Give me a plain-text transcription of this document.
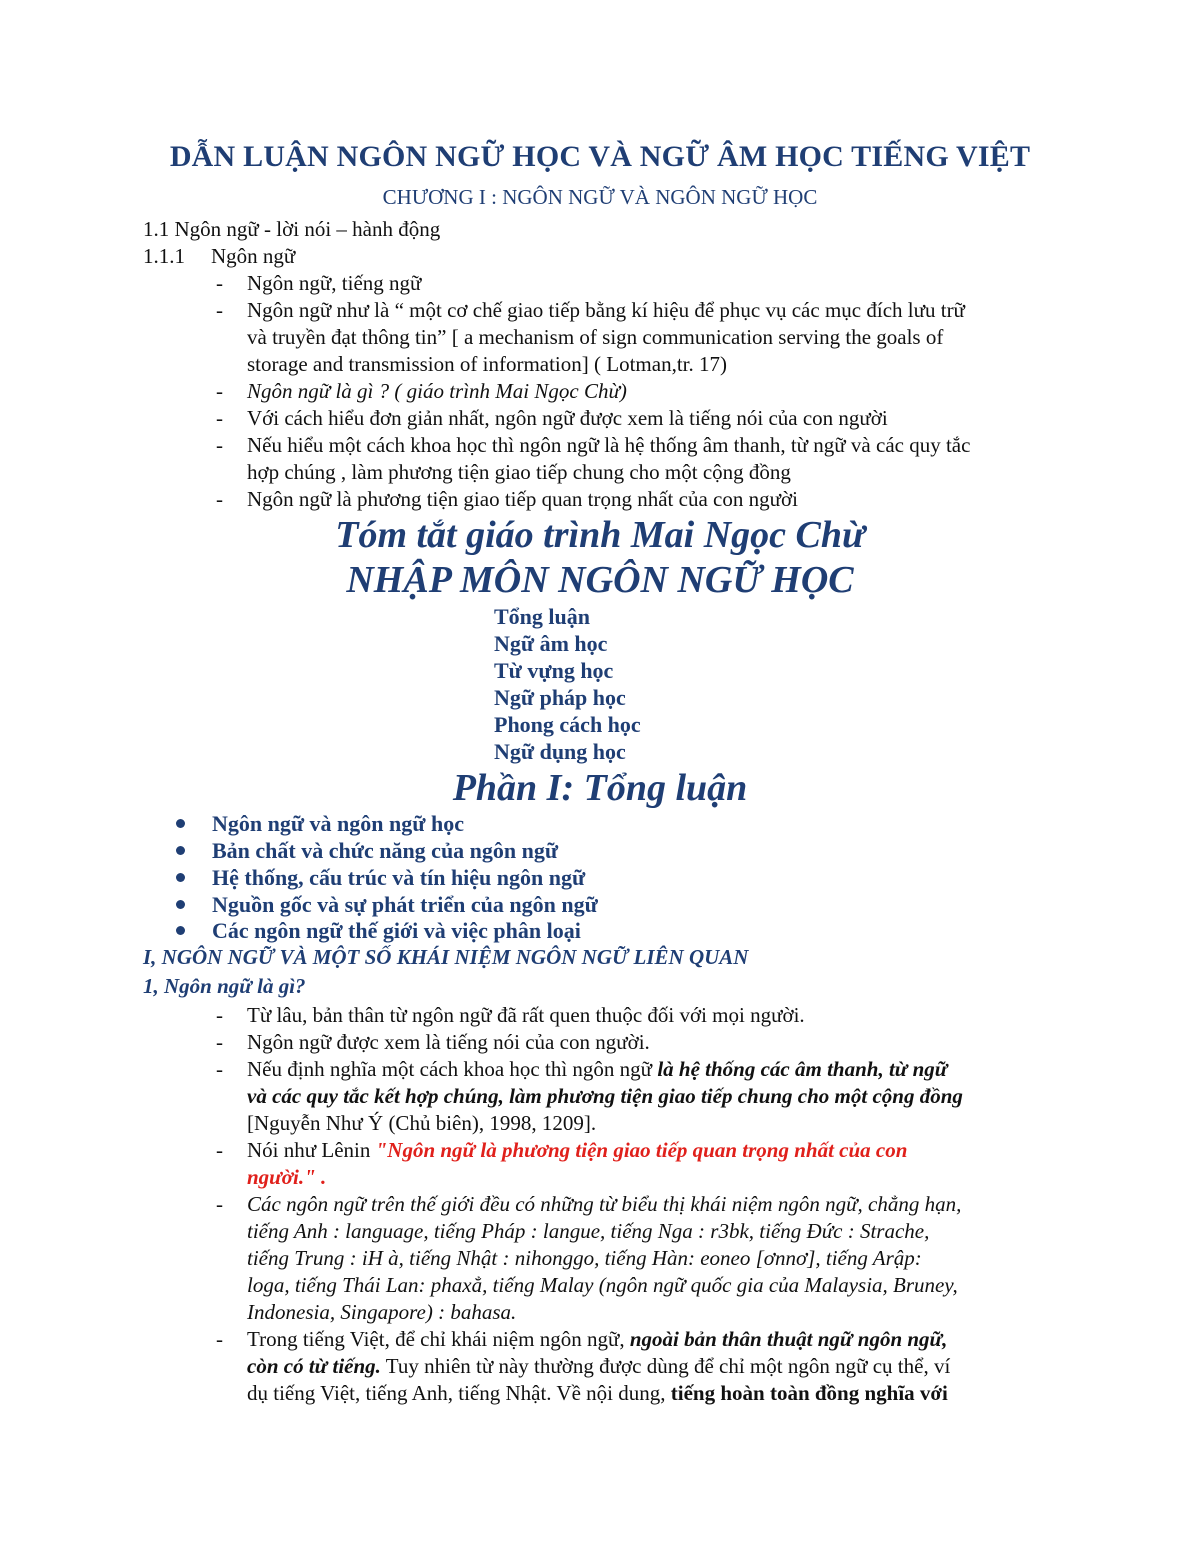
DẪN LUẬN NGÔN NGỮ HỌC VÀ NGỮ ÂM HỌC TIẾNG VIỆT
CHƯƠNG I : NGÔN NGỮ VÀ NGÔN NGỮ HỌC
1.1 Ngôn ngữ - lời nói – hành động
1.1.1 Ngôn ngữ
- Ngôn ngữ, tiếng ngữ
- Ngôn ngữ như là “ một cơ chế giao tiếp bằng kí hiệu để phục vụ các mục đích lưu trữ
và truyền đạt thông tin” [ a mechanism of sign communication serving the goals of
storage and transmission of information] ( Lotman,tr. 17)
- Ngôn ngữ là gì ? ( giáo trình Mai Ngọc Chừ)
- Với cách hiểu đơn giản nhất, ngôn ngữ được xem là tiếng nói của con người
- Nếu hiểu một cách khoa học thì ngôn ngữ là hệ thống âm thanh, từ ngữ và các quy tắc
hợp chúng , làm phương tiện giao tiếp chung cho một cộng đồng
- Ngôn ngữ là phương tiện giao tiếp quan trọng nhất của con người
Tóm tắt giáo trình Mai Ngọc Chừ
NHẬP MÔN NGÔN NGỮ HỌC
Tổng luận
Ngữ âm học
Từ vựng học
Ngữ pháp học
Phong cách học
Ngữ dụng học
Phần I: Tổng luận
Ngôn ngữ và ngôn ngữ học
Bản chất và chức năng của ngôn ngữ
Hệ thống, cấu trúc và tín hiệu ngôn ngữ
Nguồn gốc và sự phát triển của ngôn ngữ
Các ngôn ngữ thế giới và việc phân loại
I, NGÔN NGỮ VÀ MỘT SỐ KHÁI NIỆM NGÔN NGỮ LIÊN QUAN
1, Ngôn ngữ là gì?
- Từ lâu, bản thân từ ngôn ngữ đã rất quen thuộc đối với mọi người.
- Ngôn ngữ được xem là tiếng nói của con người.
- Nếu định nghĩa một cách khoa học thì ngôn ngữ là hệ thống các âm thanh, từ ngữ
và các quy tắc kết hợp chúng, làm phương tiện giao tiếp chung cho một cộng đồng
[Nguyễn Như Ý (Chủ biên), 1998, 1209].
- Nói như Lênin "Ngôn ngữ là phương tiện giao tiếp quan trọng nhất của con
người." .
- Các ngôn ngữ trên thế giới đều có những từ biểu thị khái niệm ngôn ngữ, chẳng hạn,
tiếng Anh : language, tiếng Pháp : langue, tiếng Nga : r3bk, tiếng Đức : Strache,
tiếng Trung : iH à, tiếng Nhật : nihonggo, tiếng Hàn: eoneo [ơnnơ], tiếng Arập:
loga, tiếng Thái Lan: phaxẳ, tiếng Malay (ngôn ngữ quốc gia của Malaysia, Bruney,
Indonesia, Singapore) : bahasa.
- Trong tiếng Việt, để chỉ khái niệm ngôn ngữ, ngoài bản thân thuật ngữ ngôn ngữ,
còn có từ tiếng. Tuy nhiên từ này thường được dùng để chỉ một ngôn ngữ cụ thể, ví
dụ tiếng Việt, tiếng Anh, tiếng Nhật. Về nội dung, tiếng hoàn toàn đồng nghĩa với
